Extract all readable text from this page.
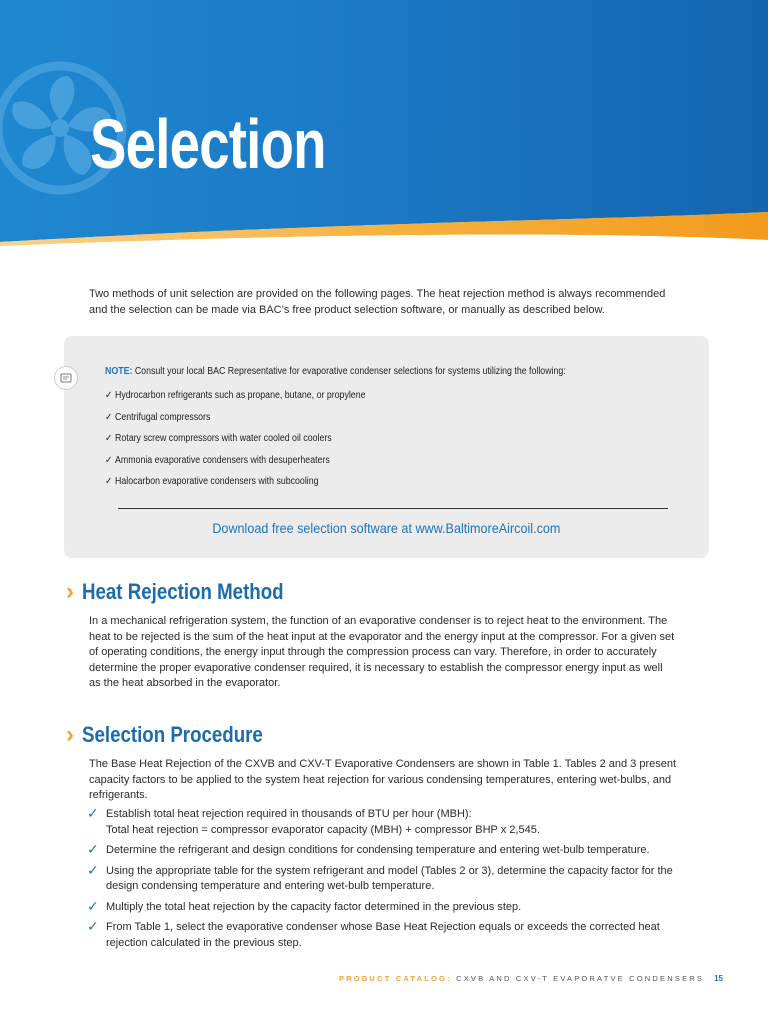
Selection

Two methods of unit selection are provided on the following pages. The heat rejection method is always recommended and the selection can be made via BAC’s free product selection software, or manually as described below.

NOTE: Consult your local BAC Representative for evaporative condenser selections for systems utilizing the following:

✓ Hydrocarbon refrigerants such as propane, butane, or propylene
✓ Centrifugal compressors
✓ Rotary screw compressors with water cooled oil coolers
✓ Ammonia evaporative condensers with desuperheaters
✓ Halocarbon evaporative condensers with subcooling

Download free selection software at www.BaltimoreAircoil.com

› Heat Rejection Method

In a mechanical refrigeration system, the function of an evaporative condenser is to reject heat to the environment. The heat to be rejected is the sum of the heat input at the evaporator and the energy input at the compressor. For a given set of operating conditions, the energy input through the compression process can vary. Therefore, in order to accurately determine the proper evaporative condenser required, it is necessary to establish the compressor energy input as well as the heat absorbed in the evaporator.

› Selection Procedure

The Base Heat Rejection of the CXVB and CXV-T Evaporative Condensers are shown in Table 1. Tables 2 and 3 present capacity factors to be applied to the system heat rejection for various condensing temperatures, entering wet-bulbs, and refrigerants.

✓ Establish total heat rejection required in thousands of BTU per hour (MBH):
Total heat rejection = compressor evaporator capacity (MBH) + compressor BHP x 2,545.
✓ Determine the refrigerant and design conditions for condensing temperature and entering wet-bulb temperature.
✓ Using the appropriate table for the system refrigerant and model (Tables 2 or 3), determine the capacity factor for the design condensing temperature and entering wet-bulb temperature.
✓ Multiply the total heat rejection by the capacity factor determined in the previous step.
✓ From Table 1, select the evaporative condenser whose Base Heat Rejection equals or exceeds the corrected heat rejection calculated in the previous step.

PRODUCT CATALOG: CXVB AND CXV-T EVAPORATVE CONDENSERS 15
